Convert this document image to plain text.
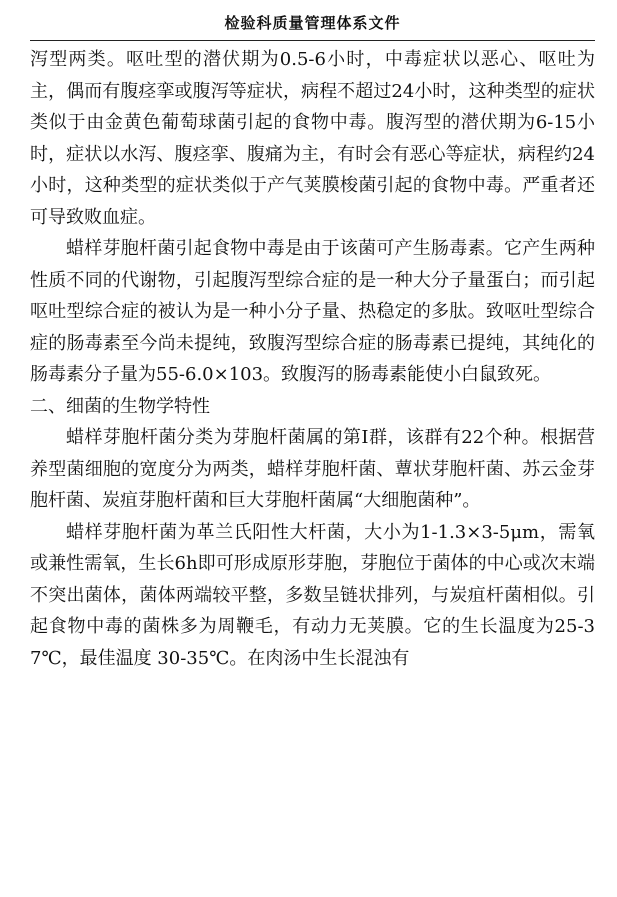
检验科质量管理体系文件

泻型两类。呕吐型的潜伏期为0.5-6小时，中毒症状以恶心、呕吐为主，偶而有腹痉挛或腹泻等症状，病程不超过24小时，这种类型的症状类似于由金黄色葡萄球菌引起的食物中毒。腹泻型的潜伏期为6-15小时，症状以水泻、腹痉挛、腹痛为主，有时会有恶心等症状，病程约24小时，这种类型的症状类似于产气荚膜梭菌引起的食物中毒。严重者还可导致败血症。

蜡样芽胞杆菌引起食物中毒是由于该菌可产生肠毒素。它产生两种性质不同的代谢物，引起腹泻型综合症的是一种大分子量蛋白；而引起呕吐型综合症的被认为是一种小分子量、热稳定的多肽。致呕吐型综合症的肠毒素至今尚未提纯，致腹泻型综合症的肠毒素已提纯，其纯化的肠毒素分子量为55-6.0×103。致腹泻的肠毒素能使小白鼠致死。

二、细菌的生物学特性

蜡样芽胞杆菌分类为芽胞杆菌属的第Ⅰ群，该群有22个种。根据营养型菌细胞的宽度分为两类，蜡样芽胞杆菌、蕈状芽胞杆菌、苏云金芽胞杆菌、炭疽芽胞杆菌和巨大芽胞杆菌属“大细胞菌种”。

蜡样芽胞杆菌为革兰氏阳性大杆菌，大小为1-1.3×3-5μm，需氧或兼性需氧，生长6h即可形成原形芽胞，芽胞位于菌体的中心或次末端不突出菌体，菌体两端较平整，多数呈链状排列，与炭疽杆菌相似。引起食物中毒的菌株多为周鞭毛，有动力无荚膜。它的生长温度为25-37℃，最佳温度 30-35℃。在肉汤中生长混浊有
